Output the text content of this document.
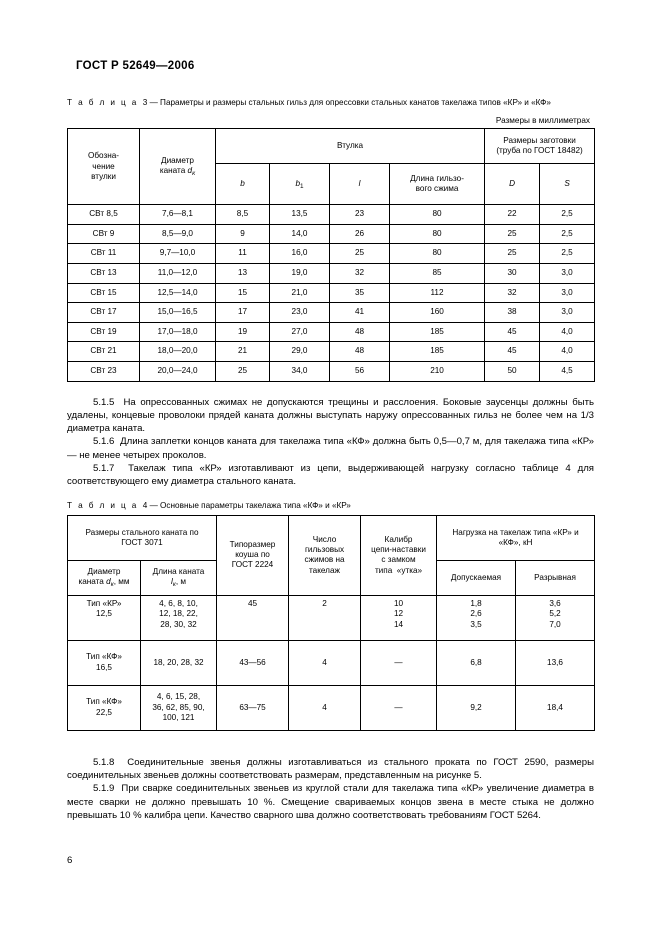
ГОСТ Р 52649—2006

Т а б л и ц а 3 — Параметры и размеры стальных гильз для опрессовки стальных канатов такелажа типов «КР» и «КФ»

Размеры в миллиметрах
Обозна-
чение
втулки	Диаметр
каната $d_к$	Втулка				Размеры заготовки
(труба по ГОСТ 18482)	
		b	$b_1$	l	Длина гильзо-
вого сжима	D	S
СВт 8,5	7,6—8,1	8,5	13,5	23	80	22	2,5
СВт 9	8,5—9,0	9	14,0	26	80	25	2,5
СВт 11	9,7—10,0	11	16,0	25	80	25	2,5
СВт 13	11,0—12,0	13	19,0	32	85	30	3,0
СВт 15	12,5—14,0	15	21,0	35	112	32	3,0
СВт 17	15,0—16,5	17	23,0	41	160	38	3,0
СВт 19	17,0—18,0	19	27,0	48	185	45	4,0
СВт 21	18,0—20,0	21	29,0	48	185	45	4,0
СВт 23	20,0—24,0	25	34,0	56	210	50	4,5

5.1.5 На опрессованных сжимах не допускаются трещины и расслоения. Боковые заусенцы должны быть удалены, концевые проволоки прядей каната должны выступать наружу опрессованных гильз не более чем на 1/3 диаметра каната.

5.1.6 Длина заплетки концов каната для такелажа типа «КФ» должна быть 0,5—0,7 м, для такелажа типа «КР» — не менее четырех проколов.

5.1.7 Такелаж типа «КР» изготавливают из цепи, выдерживающей нагрузку согласно таблице 4 для соответствующего ему диаметра стального каната.

Т а б л и ц а 4 — Основные параметры такелажа типа «КФ» и «КР»

Размеры стального каната по
ГОСТ 3071		Типоразмер
коуша по
ГОСТ 2224	Число
гильзовых
сжимов на
такелаж	Калибр
цепи-наставки
с замком
типа  «утка»	Нагрузка на такелаж типа «КР» и
«КФ», кН	
Диаметр
каната $d_к$, мм	Длина каната
$l_к$, м				Допускаемая	Разрывная
Тип «КР»
12,5	4, 6, 8, 10,
12, 18, 22,
28, 30, 32	45	2	10
12
14	1,8
2,6
3,5	3,6
5,2
7,0
Тип «КФ»
16,5	18, 20, 28, 32	43—56	4	—	6,8	13,6
Тип «КФ»
22,5	4, 6, 15, 28,
36, 62, 85, 90,
100, 121	63—75	4	—	9,2	18,4

5.1.8 Соединительные звенья должны изготавливаться из стального проката по ГОСТ 2590, размеры соединительных звеньев должны соответствовать размерам, представленным на рисунке 5.

5.1.9 При сварке соединительных звеньев из круглой стали для такелажа типа «КР» увеличение диаметра в месте сварки не должно превышать 10 %. Смещение свариваемых концов звена в месте стыка не должно превышать 10 % калибра цепи. Качество сварного шва должно соответствовать требованиям ГОСТ 5264.

6
